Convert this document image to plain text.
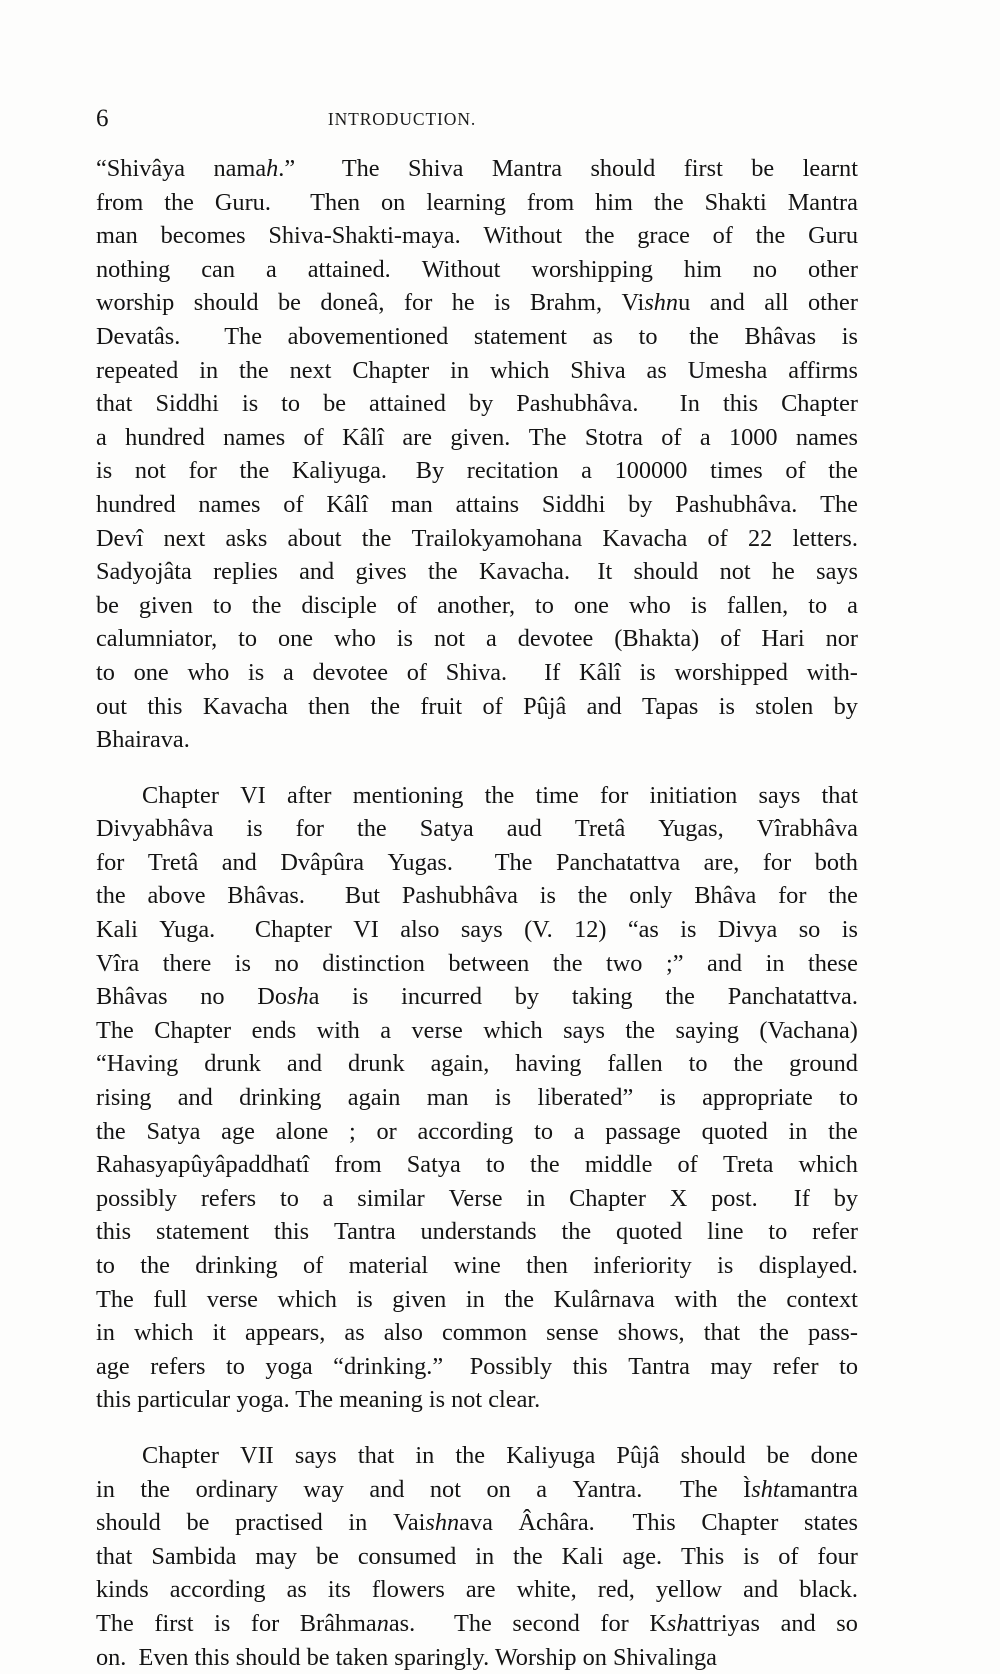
6	INTRODUCTION.
“Shivâya namah.” The Shiva Mantra should first be learnt
from the Guru. Then on learning from him the Shakti Mantra
man becomes Shiva-Shakti-maya. Without the grace of the Guru
nothing can a attained. Without worshipping him no other
worship should be doneâ, for he is Brahm, Vishnu and all other
Devatâs. The abovementioned statement as to the Bhâvas is
repeated in the next Chapter in which Shiva as Umesha affirms
that Siddhi is to be attained by Pashubhâva. In this Chapter
a hundred names of Kâlî are given. The Stotra of a 1000 names
is not for the Kaliyuga. By recitation a 100000 times of the
hundred names of Kâlî man attains Siddhi by Pashubhâva. The
Devî next asks about the Trailokyamohana Kavacha of 22 letters.
Sadyojâta replies and gives the Kavacha. It should not he says
be given to the disciple of another, to one who is fallen, to a
calumniator, to one who is not a devotee (Bhakta) of Hari nor
to one who is a devotee of Shiva. If Kâlî is worshipped with-
out this Kavacha then the fruit of Pûjâ and Tapas is stolen by
Bhairava.
Chapter VI after mentioning the time for initiation says that
Divyabhâva is for the Satya aud Tretâ Yugas, Vîrabhâva
for Tretâ and Dvâpûra Yugas. The Panchatattva are, for both
the above Bhâvas. But Pashubhâva is the only Bhâva for the
Kali Yuga. Chapter VI also says (V. 12) “as is Divya so is
Vîra there is no distinction between the two ;” and in these
Bhâvas no Dosha is incurred by taking the Panchatattva.
The Chapter ends with a verse which says the saying (Vachana)
“Having drunk and drunk again, having fallen to the ground
rising and drinking again man is liberated” is appropriate to
the Satya age alone ; or according to a passage quoted in the
Rahasyapûyâpaddhatî from Satya to the middle of Treta which
possibly refers to a similar Verse in Chapter X post. If by
this statement this Tantra understands the quoted line to refer
to the drinking of material wine then inferiority is displayed.
The full verse which is given in the Kulârnava with the context
in which it appears, as also common sense shows, that the pass-
age refers to yoga “drinking.” Possibly this Tantra may refer to
this particular yoga. The meaning is not clear.
Chapter VII says that in the Kaliyuga Pûjâ should be done
in the ordinary way and not on a Yantra. The Ìshtamantra
should be practised in Vaishnava Âchâra. This Chapter states
that Sambida may be consumed in the Kali age. This is of four
kinds according as its flowers are white, red, yellow and black.
The first is for Brâhmanas. The second for Kshattriyas and so
on.  Even this should be taken sparingly. Worship on Shivalinga
